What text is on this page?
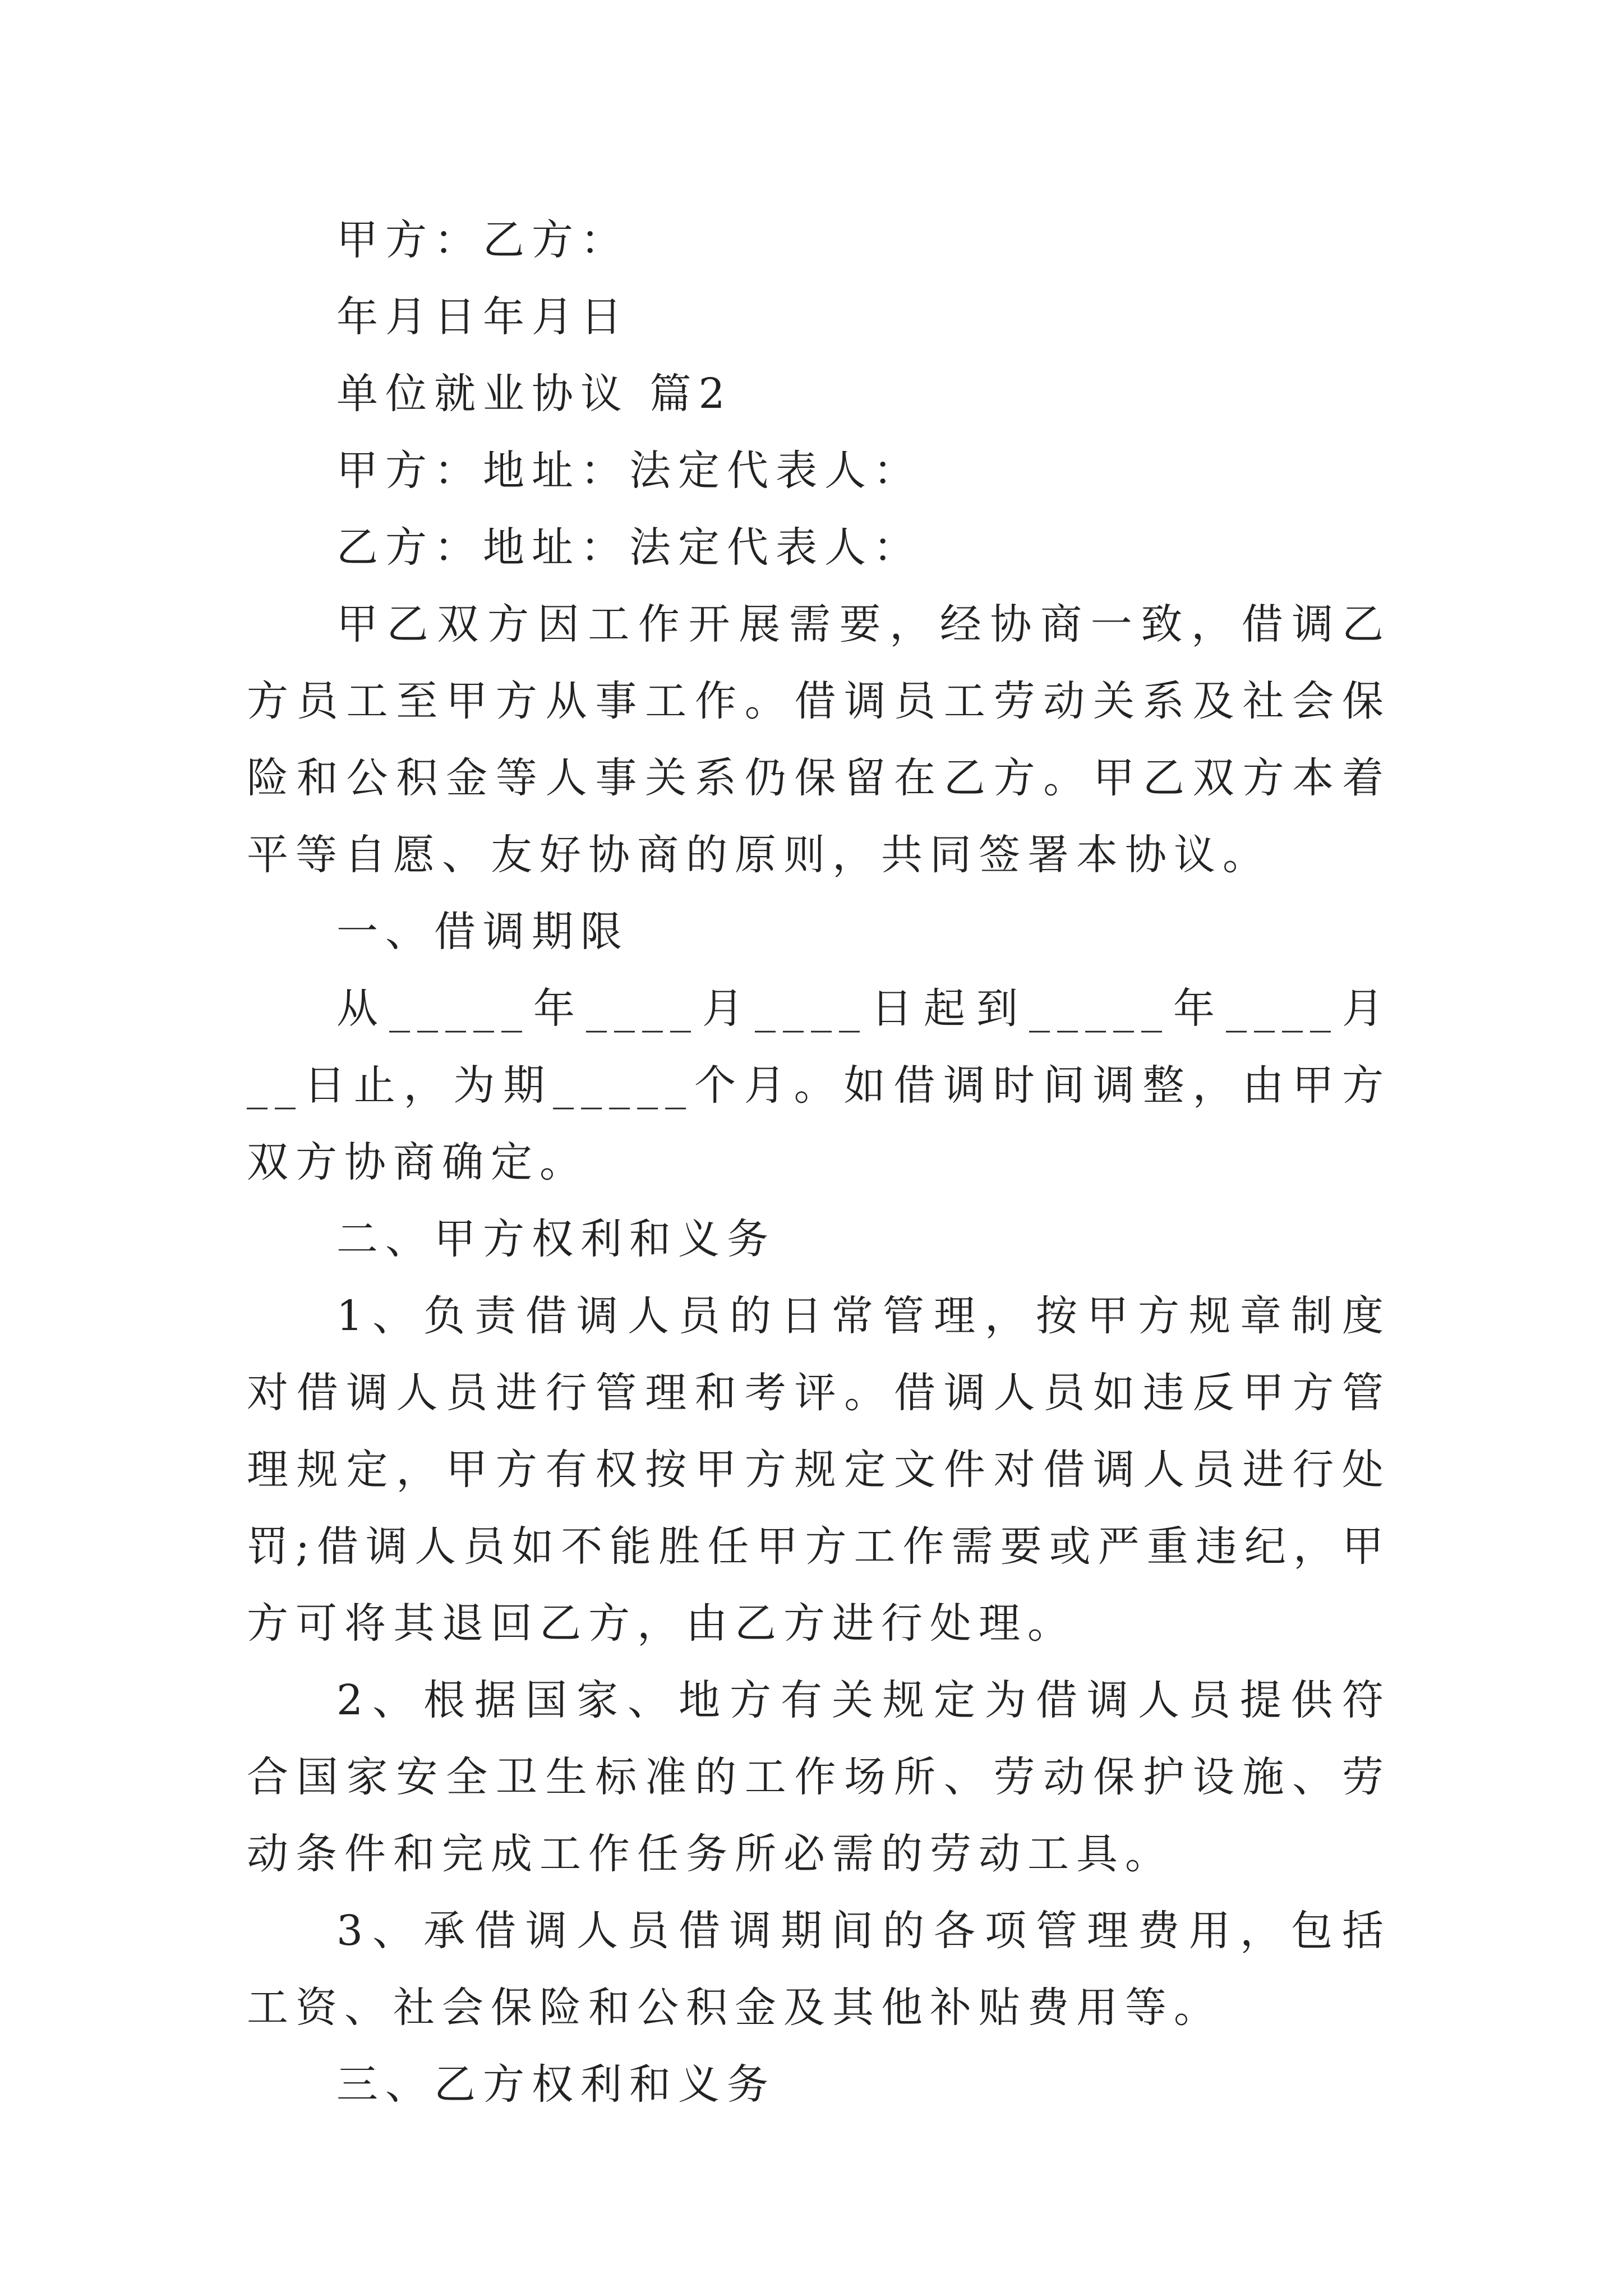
甲方：乙方：

年月日年月日

单位就业协议 篇2

甲方：地址：法定代表人：

乙方：地址：法定代表人：

甲乙双方因工作开展需要，经协商一致，借调乙方员工至甲方从事工作。借调员工劳动关系及社会保险和公积金等人事关系仍保留在乙方。甲乙双方本着平等自愿、友好协商的原则，共同签署本协议。

一、借调期限

从_____年____月____日起到_____年____月__日止，为期_____个月。如借调时间调整，由甲方双方协商确定。

二、甲方权利和义务

1、负责借调人员的日常管理，按甲方规章制度对借调人员进行管理和考评。借调人员如违反甲方管理规定，甲方有权按甲方规定文件对借调人员进行处罚;借调人员如不能胜任甲方工作需要或严重违纪，甲方可将其退回乙方，由乙方进行处理。

2、根据国家、地方有关规定为借调人员提供符合国家安全卫生标准的工作场所、劳动保护设施、劳动条件和完成工作任务所必需的劳动工具。

3、承借调人员借调期间的各项管理费用，包括工资、社会保险和公积金及其他补贴费用等。

三、乙方权利和义务
